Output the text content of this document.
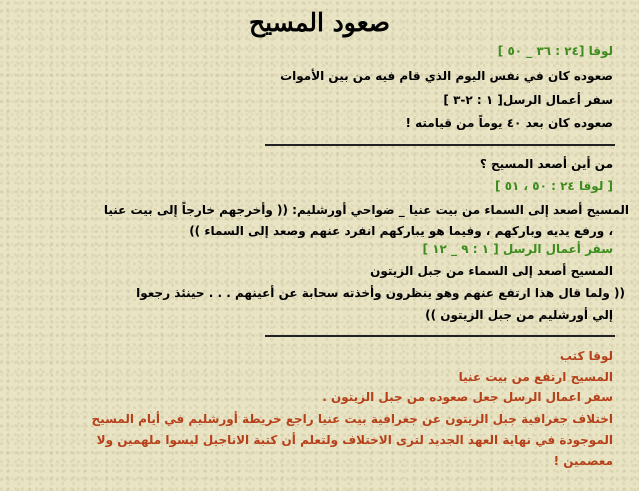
صعود المسيح
لوقا [٢٤ : ٣٦ _ ٥٠ ]
صعوده كان في نفس اليوم الذي قام فيه من بين الأموات
سفر أعمال الرسل[ ١ : ٢-٣ ]
صعوده كان بعد ٤٠ يوماً من قيامته !
من أين أصعد المسيح ؟
[ لوقا ٢٤ : ٥٠ ، ٥١ ]
المسيح أصعد إلى السماء من بيت عنيا _ ضواحي أورشليم: (( وأخرجهم خارجاً إلى بيت عنيا
، ورفع يديه وباركهم ، وفيما هو يباركهم انفرد عنهم وصعد إلى السماء ))
سفر أعمال الرسل [ ١ : ٩ _ ١٢ ]
المسيح أصعد إلى السماء من جبل الزيتون
(( ولما قال هذا ارتفع عنهم وهو ينظرون وأخذته سحابة عن أعينهم . . . حينئذ رجعوا
إلي أورشليم من جبل الزيتون ))
لوقا كتب
المسيح ارتفع من بيت عنيا
سفر اعمال الرسل جعل صعوده من جبل الزيتون .
اختلاف جغرافية جبل الزيتون عن جغرافية بيت عنيا راجع خريطة أورشليم في أيام المسيح
الموجودة في نهاية العهد الجديد لترى الاختلاف ولتعلم أن كتبة الاناجيل ليسوا ملهمين ولا
معصمين !
